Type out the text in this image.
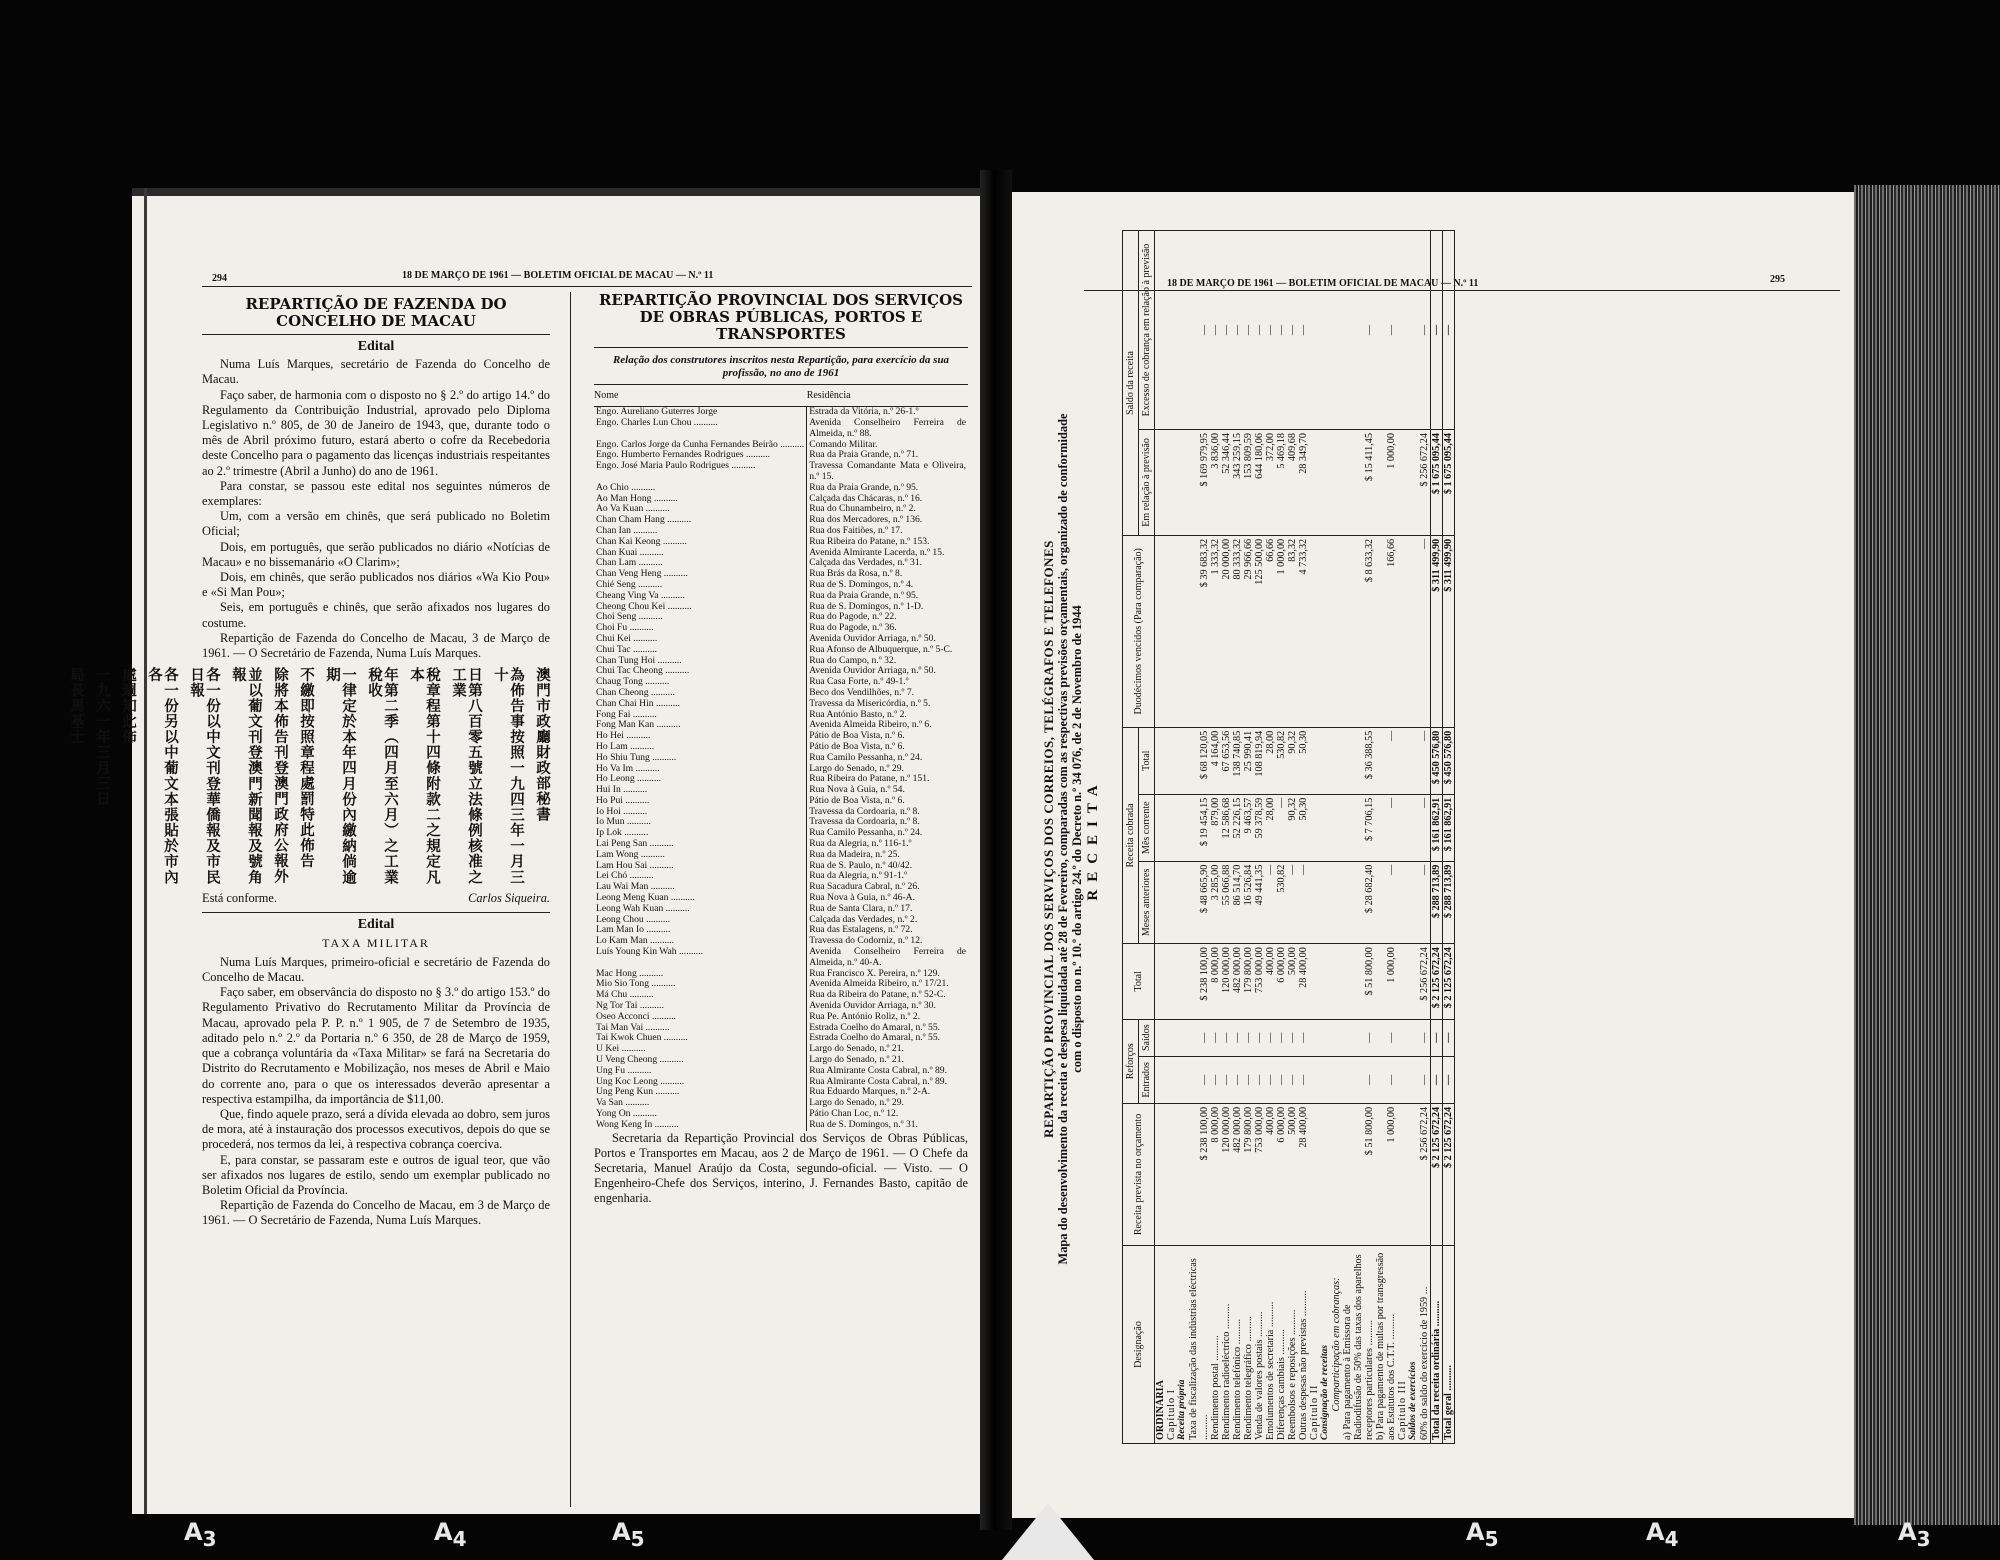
294	18 DE MARÇO DE 1961 — BOLETIM OFICIAL DE MACAU — N.º 11
REPARTIÇÃO DE FAZENDA DO CONCELHO DE MACAU
Edital

Numa Luís Marques, secretário de Fazenda do Concelho de Macau.

Faço saber, de harmonia com o disposto no § 2.º do artigo 14.º do Regulamento da Contribuição Industrial, aprovado pelo Diploma Legislativo n.º 805, de 30 de Janeiro de 1943, que, durante todo o mês de Abril próximo futuro, estará aberto o cofre da Recebedoria deste Concelho para o pagamento das licenças industriais respeitantes ao 2.º trimestre (Abril a Junho) do ano de 1961.

Para constar, se passou este edital nos seguintes números de exemplares:

Um, com a versão em chinês, que será publicado no Boletim Oficial;

Dois, em português, que serão publicados no diário «Notícias de Macau» e no bissemanário «O Clarim»;

Dois, em chinês, que serão publicados nos diários «Wa Kio Pou» e «Si Man Pou»;

Seis, em português e chinês, que serão afixados nos lugares do costume.

Repartição de Fazenda do Concelho de Macau, 3 de Março de 1961. — O Secretário de Fazenda, Numa Luís Marques.

澳門市政廳財政部秘書
為佈告事按照一九四三年一月三十
日第八百零五號立法條例核准之工業
稅章程第十四條附款二之規定凡本
年第二季（四月至六月）之工業稅收
一律定於本年四月份內繳納倘逾期
不繳即按照章程處罰特此佈告
除將本佈告刊登澳門政府公報外
並以葡文刊登澳門新聞報及號角報
各一份以中文刊登華僑報及市民日報
各一份另以中葡文本張貼於市內各
處週知此佈
一九六一年三月三日
局長馬基士
Está conforme.	Carlos Siqueira.
Edital
TAXA MILITAR

Numa Luís Marques, primeiro-oficial e secretário de Fazenda do Concelho de Macau.

Faço saber, em observância do disposto no § 3.º do artigo 153.º do Regulamento Privativo do Recrutamento Militar da Província de Macau, aprovado pela P. P. n.º 1 905, de 7 de Setembro de 1935, aditado pelo n.º 2.º da Portaria n.º 6 350, de 28 de Março de 1959, que a cobrança voluntária da «Taxa Militar» se fará na Secretaria do Distrito do Recrutamento e Mobilização, nos meses de Abril e Maio do corrente ano, para o que os interessados deverão apresentar a respectiva estampilha, da importância de $11,00.

Que, findo aquele prazo, será a dívida elevada ao dobro, sem juros de mora, até à instauração dos processos executivos, depois do que se procederá, nos termos da lei, à respectiva cobrança coerciva.

E, para constar, se passaram este e outros de igual teor, que vão ser afixados nos lugares de estilo, sendo um exemplar publicado no Boletim Oficial da Província.

Repartição de Fazenda do Concelho de Macau, em 3 de Março de 1961. — O Secretário de Fazenda, Numa Luís Marques.

REPARTIÇÃO PROVINCIAL DOS SERVIÇOS DE OBRAS PÚBLICAS, PORTOS E TRANSPORTES
Relação dos construtores inscritos nesta Repartição, para exercício da sua profissão, no ano de 1961
Nome	Residência
Engo. Aureliano Guterres Jorge	Estrada da Vitória, n.º 26-1.º
Engo. Charles Lun Chou ..........	Avenida Conselheiro Ferreira de Almeida, n.º 88.
Engo. Carlos Jorge da Cunha Fernandes Beirão ..........	Comando Militar.
Engo. Humberto Fernandes Rodrigues ..........	Rua da Praia Grande, n.º 71.
Engo. José Maria Paulo Rodrigues ..........	Travessa Comandante Mata e Oliveira, n.º 15.
Ao Chio ..........	Rua da Praia Grande, n.º 95.
Ao Man Hong ..........	Calçada das Chácaras, n.º 16.
Ao Va Kuan ..........	Rua do Chunambeiro, n.º 2.
Chan Cham Hang ..........	Rua dos Mercadores, n.º 136.
Chan Ian ..........	Rua dos Faitiões, n.º 17.
Chan Kai Keong ..........	Rua Ribeira do Patane, n.º 153.
Chan Kuai ..........	Avenida Almirante Lacerda, n.º 15.
Chan Lam ..........	Calçada das Verdades, n.º 31.
Chan Veng Heng ..........	Rua Brás da Rosa, n.º 8.
Chié Seng ..........	Rua de S. Domingos, n.º 4.
Cheang Ving Va ..........	Rua da Praia Grande, n.º 95.
Cheong Chou Kei ..........	Rua de S. Domingos, n.º 1-D.
Choi Seng ..........	Rua do Pagode, n.º 22.
Choi Fu ..........	Rua do Pagode, n.º 36.
Chui Kei ..........	Avenida Ouvidor Arriaga, n.º 50.
Chui Tac ..........	Rua Afonso de Albuquerque, n.º 5-C.
Chan Tung Hoi ..........	Rua do Campo, n.º 32.
Chui Tac Cheong ..........	Avenida Ouvidor Arriaga, n.º 50.
Chaug Tong ..........	Rua Casa Forte, n.º 49-1.º
Chan Cheong ..........	Beco dos Vendilhões, n.º 7.
Chan Chai Hin ..........	Travessa da Misericórdia, n.º 5.
Fong Fai ..........	Rua António Basto, n.º 2.
Fong Man Kan ..........	Avenida Almeida Ribeiro, n.º 6.
Ho Hei ..........	Pátio de Boa Vista, n.º 6.
Ho Lam ..........	Pátio de Boa Vista, n.º 6.
Ho Shiu Tung ..........	Rua Camilo Pessanha, n.º 24.
Ho Va Im ..........	Largo do Senado, n.º 29.
Ho Leong ..........	Rua Ribeira do Patane, n.º 151.
Hui In ..........	Rua Nova à Guia, n.º 54.
Ho Pui ..........	Pátio de Boa Vista, n.º 6.
Io Hoi ..........	Travessa da Cordoaria, n.º 8.
Io Mun ..........	Travessa da Cordoaria, n.º 8.
Ip Lok ..........	Rua Camilo Pessanha, n.º 24.
Lai Peng San ..........	Rua da Alegria, n.º 116-1.º
Lam Wong ..........	Rua da Madeira, n.º 25.
Lam Hou Sai ..........	Rua de S. Paulo, n.º 40/42.
Lei Chó ..........	Rua da Alegria, n.º 91-1.º
Lau Wai Man ..........	Rua Sacadura Cabral, n.º 26.
Leong Meng Kuan ..........	Rua Nova à Guia, n.º 46-A.
Leong Wah Kuan ..........	Rua de Santa Clara, n.º 17.
Leong Chou ..........	Calçada das Verdades, n.º 2.
Lam Man Io ..........	Rua das Estalagens, n.º 72.
Lo Kam Man ..........	Travessa do Codorniz, n.º 12.
Luís Young Kin Wah ..........	Avenida Conselheiro Ferreira de Almeida, n.º 40-A.
Mac Hong ..........	Rua Francisco X. Pereira, n.º 129.
Mio Sio Tong ..........	Avenida Almeida Ribeiro, n.º 17/21.
Má Chu ..........	Rua da Ribeira do Patane, n.º 52-C.
Ng Tor Tai ..........	Avenida Ouvidor Arriaga, n.º 30.
Oseo Acconci ..........	Rua Pe. António Roliz, n.º 2.
Tai Man Vai ..........	Estrada Coelho do Amaral, n.º 55.
Tai Kwok Chuen ..........	Estrada Coelho do Amaral, n.º 55.
U Kei ..........	Largo do Senado, n.º 21.
U Veng Cheong ..........	Largo do Senado, n.º 21.
Ung Fu ..........	Rua Almirante Costa Cabral, n.º 89.
Ung Koc Leong ..........	Rua Almirante Costa Cabral, n.º 89.
Ung Peng Kun ..........	Rua Eduardo Marques, n.º 2-A.
Va San ..........	Largo do Senado, n.º 29.
Yong On ..........	Pátio Chan Loc, n.º 12.
Wong Keng In ..........	Rua de S. Domingos, n.º 31.

Secretaria da Repartição Provincial dos Serviços de Obras Públicas, Portos e Transportes em Macau, aos 2 de Março de 1961. — O Chefe da Secretaria, Manuel Araújo da Costa, segundo-oficial. — Visto. — O Engenheiro-Chefe dos Serviços, interino, J. Fernandes Basto, capitão de engenharia.

18 DE MARÇO DE 1961 — BOLETIM OFICIAL DE MACAU — N.º 11	295
REPARTIÇÃO PROVINCIAL DOS SERVIÇOS DOS CORREIOS, TELÉGRAFOS E TELEFONES Mapa do desenvolvimento da receita e despesa liquidada até 28 de Fevereiro, comparadas com as respectivas previsões orçamentais, organizado de conformidade com o disposto no n.º 10.º do artigo 24.º do Decreto n.º 34 076, de 2 de Novembro de 1944 RECEITA
Designação	Receita prevista no orçamento	Reforços		Total	Receita cobrada			Duodécimos vencidos (Para comparação)	Saldo da receita	
		Entrados	Saídos		Meses anteriores	Mês corrente	Total		Em relação à previsão	Excesso de cobrança em relação à previsão
ORDINÁRIA										
Capítulo I										
Receita própria										
Taxa de fiscalização das indústrias eléctricas ..........	$ 238 100,00	—	—	$ 238 100,00	$ 48 665,90	$ 19 454,15	$ 68 120,05	$ 39 683,32	$ 169 979,95	—
Rendimento postal ..........	8 000,00	—	—	8 000,00	3 285,00	879,00	4 164,00	1 333,32	3 836,00	—
Rendimento radioeléctrico ..........	120 000,00	—	—	120 000,00	55 066,88	12 586,68	67 653,56	20 000,00	52 346,44	—
Rendimento telefónico ..........	482 000,00	—	—	482 000,00	86 514,70	52 226,15	138 740,85	80 333,32	343 259,15	—
Rendimento telegráfico ..........	179 800,00	—	—	179 800,00	16 526,84	9 463,57	25 990,41	29 966,66	153 809,59	—
Venda de valores postais ..........	753 000,00	—	—	753 000,00	49 441,35	59 378,59	108 819,94	125 500,00	644 180,06	—
Emolumentos de secretaria ..........	400,00	—	—	400,00	—	28,00	28,00	66,66	372,00	—
Diferenças cambiais ..........	6 000,00	—	—	6 000,00	530,82	—	530,82	1 000,00	5 469,18	—
Reembolsos e reposições ..........	500,00	—	—	500,00	—	90,32	90,32	83,32	409,68	—
Outras despesas não previstas ..........	28 400,00	—	—	28 400,00	—	50,30	50,30	4 733,32	28 349,70	—
Capítulo II										
Consignação de receitas										
Comparticipação em cobranças:										
a) Para pagamento à Emissora de Radiodifusão de 50% das taxas dos aparelhos receptores particulares ..........	$ 51 800,00	—	—	$ 51 800,00	$ 28 682,40	$ 7 706,15	$ 36 388,55	$ 8 633,32	$ 15 411,45	—
b) Para pagamento de multas por transgressão aos Estatutos dos C.T.T. ..........	1 000,00	—	—	1 000,00	—	—	—	166,66	1 000,00	—
Capítulo III										
Saldos de exercícios										
60% do saldo do exercício de 1959 ...	$ 256 672,24	—	—	$ 256 672,24	—	—	—	—	$ 256 672,24	—
Total da receita ordinária ..........	$ 2 125 672,24	—	—	$ 2 125 672,24	$ 288 713,89	$ 161 862,91	$ 450 576,80	$ 311 499,90	$ 1 675 095,44	—
Total geral ..........	$ 2 125 672,24	—	—	$ 2 125 672,24	$ 288 713,89	$ 161 862,91	$ 450 576,80	$ 311 499,90	$ 1 675 095,44	—
$A_3$	$A_4$	$A_5$	$A_5$	$A_4$	$A_3$
